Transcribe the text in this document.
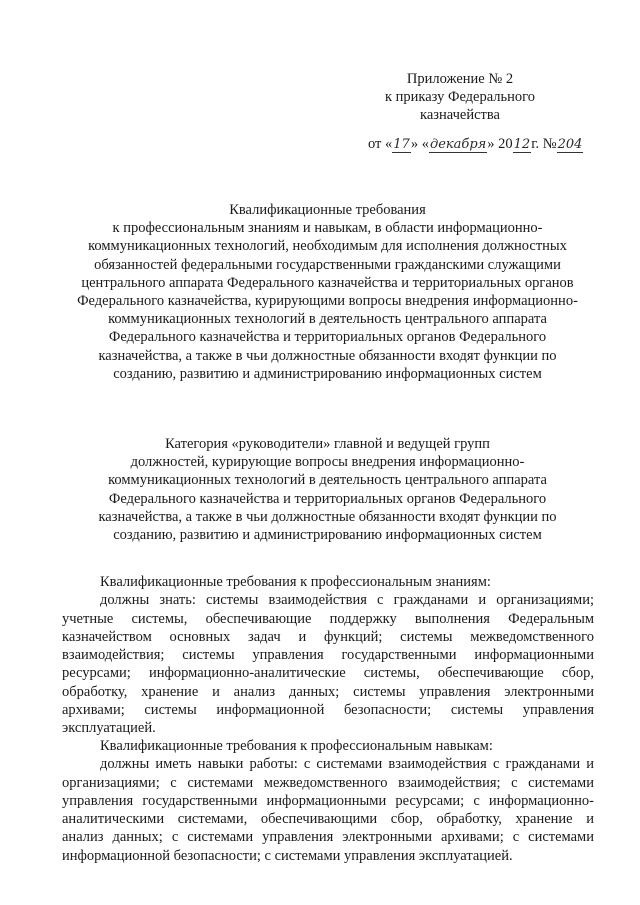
Приложение № 2
к приказу Федерального
казначейства
от «17» «декабря» 2012г. №204
Квалификационные требования
к профессиональным знаниям и навыкам, в области информационно-
коммуникационных технологий, необходимым для исполнения должностных
обязанностей федеральными государственными гражданскими служащими
центрального аппарата Федерального казначейства и территориальных органов
Федерального казначейства, курирующими вопросы внедрения информационно-
коммуникационных технологий в деятельность центрального аппарата
Федерального казначейства и территориальных органов Федерального
казначейства, а также в чьи должностные обязанности входят функции по
созданию, развитию и администрированию информационных систем
Категория «руководители» главной и ведущей групп
должностей, курирующие вопросы внедрения информационно-
коммуникационных технологий в деятельность центрального аппарата
Федерального казначейства и территориальных органов Федерального
казначейства, а также в чьи должностные обязанности входят функции по
созданию, развитию и администрированию информационных систем
Квалификационные требования к профессиональным знаниям:
должны знать: системы взаимодействия с гражданами и организациями;
учетные системы, обеспечивающие поддержку выполнения Федеральным
казначейством основных задач и функций; системы межведомственного
взаимодействия; системы управления государственными информационными
ресурсами; информационно-аналитические системы, обеспечивающие сбор,
обработку, хранение и анализ данных; системы управления электронными
архивами; системы информационной безопасности; системы управления
эксплуатацией.
Квалификационные требования к профессиональным навыкам:
должны иметь навыки работы: с системами взаимодействия с гражданами и
организациями; с системами межведомственного взаимодействия; с системами
управления государственными информационными ресурсами; с информационно-
аналитическими системами, обеспечивающими сбор, обработку, хранение и
анализ данных; с системами управления электронными архивами; с системами
информационной безопасности; с системами управления эксплуатацией.
